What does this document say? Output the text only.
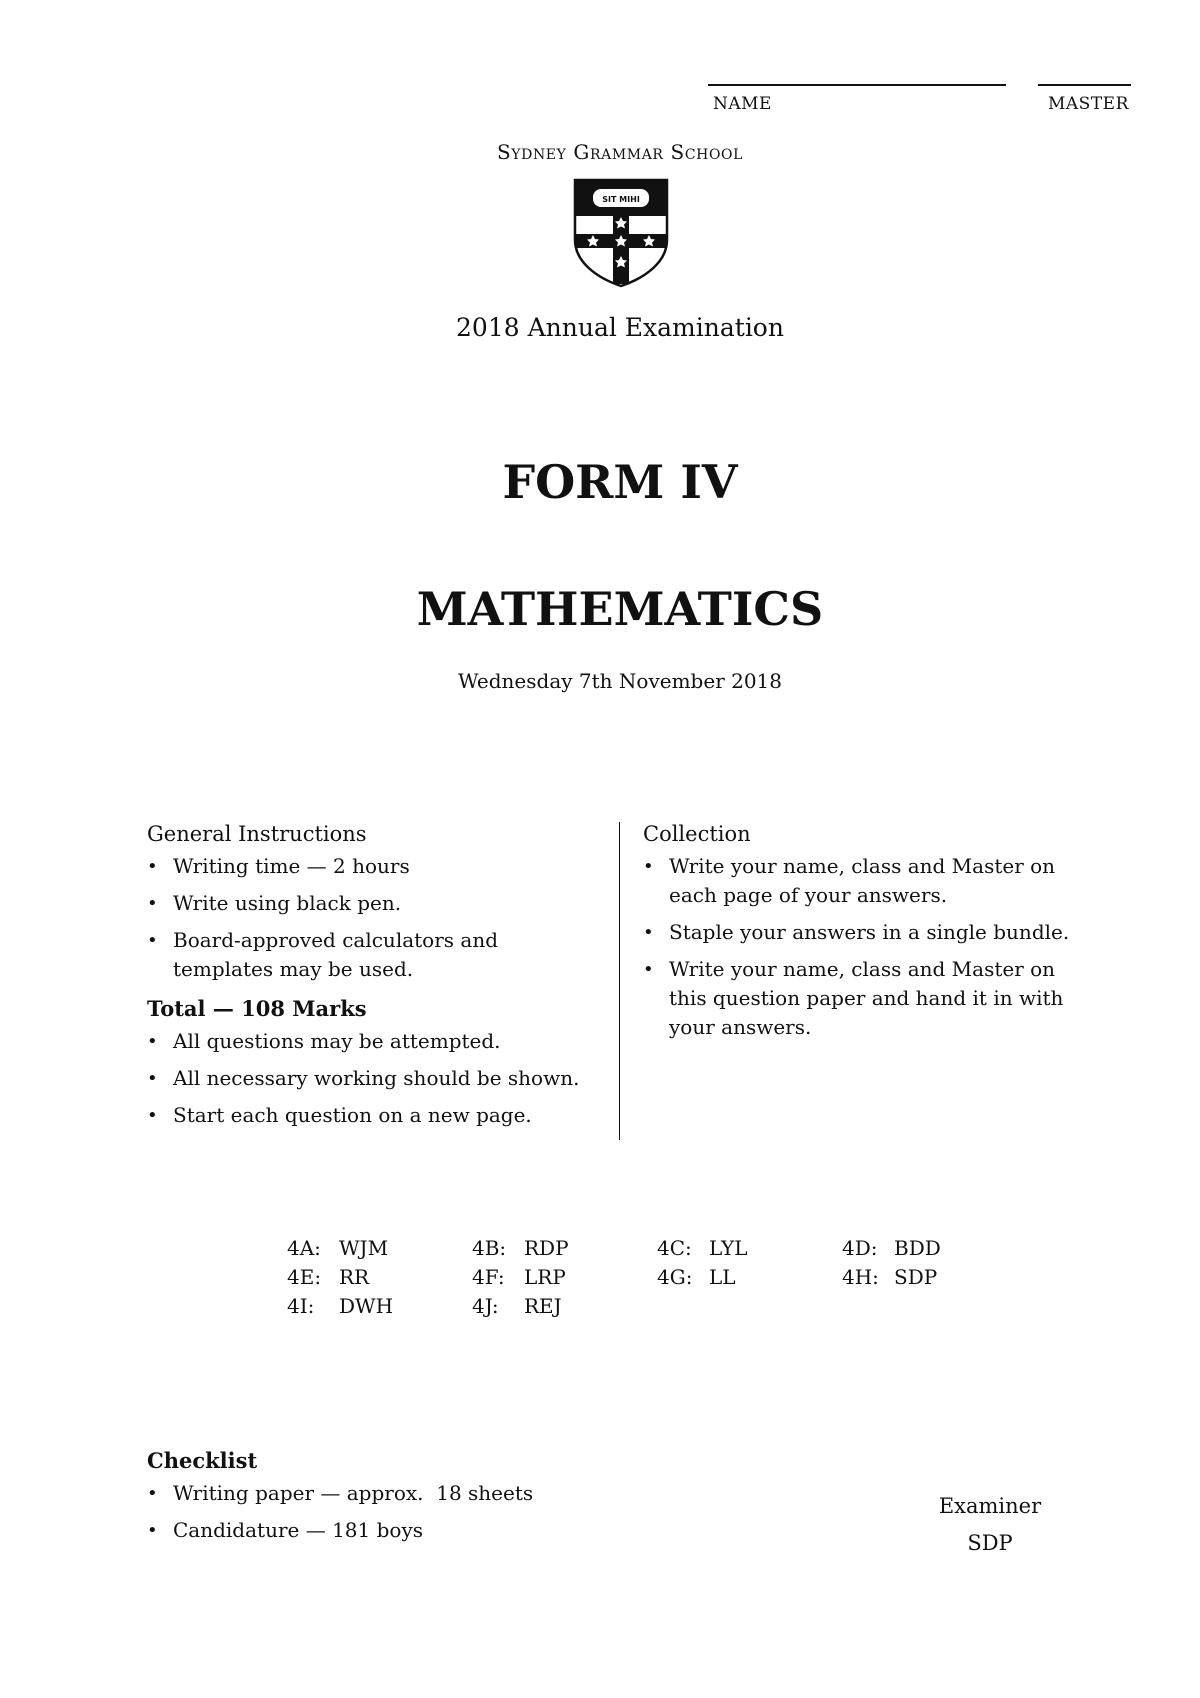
NAME	MASTER
Sydney Grammar School
SIT MIHI
2018 Annual Examination
FORM IV
MATHEMATICS
Wednesday 7th November 2018
General Instructions
• Writing time — 2 hours
• Write using black pen.
• Board-approved calculators and templates may be used.
Total — 108 Marks
• All questions may be attempted.
• All necessary working should be shown.
• Start each question on a new page.
Collection
• Write your name, class and Master on each page of your answers.
• Staple your answers in a single bundle.
• Write your name, class and Master on this question paper and hand it in with your answers.
4A: WJM	4B: RDP	4C: LYL	4D: BDD
4E: RR	4F: LRP	4G: LL	4H: SDP
4I: DWH	4J: REJ
Checklist
• Writing paper — approx.  18 sheets
• Candidature — 181 boys
Examiner
SDP
